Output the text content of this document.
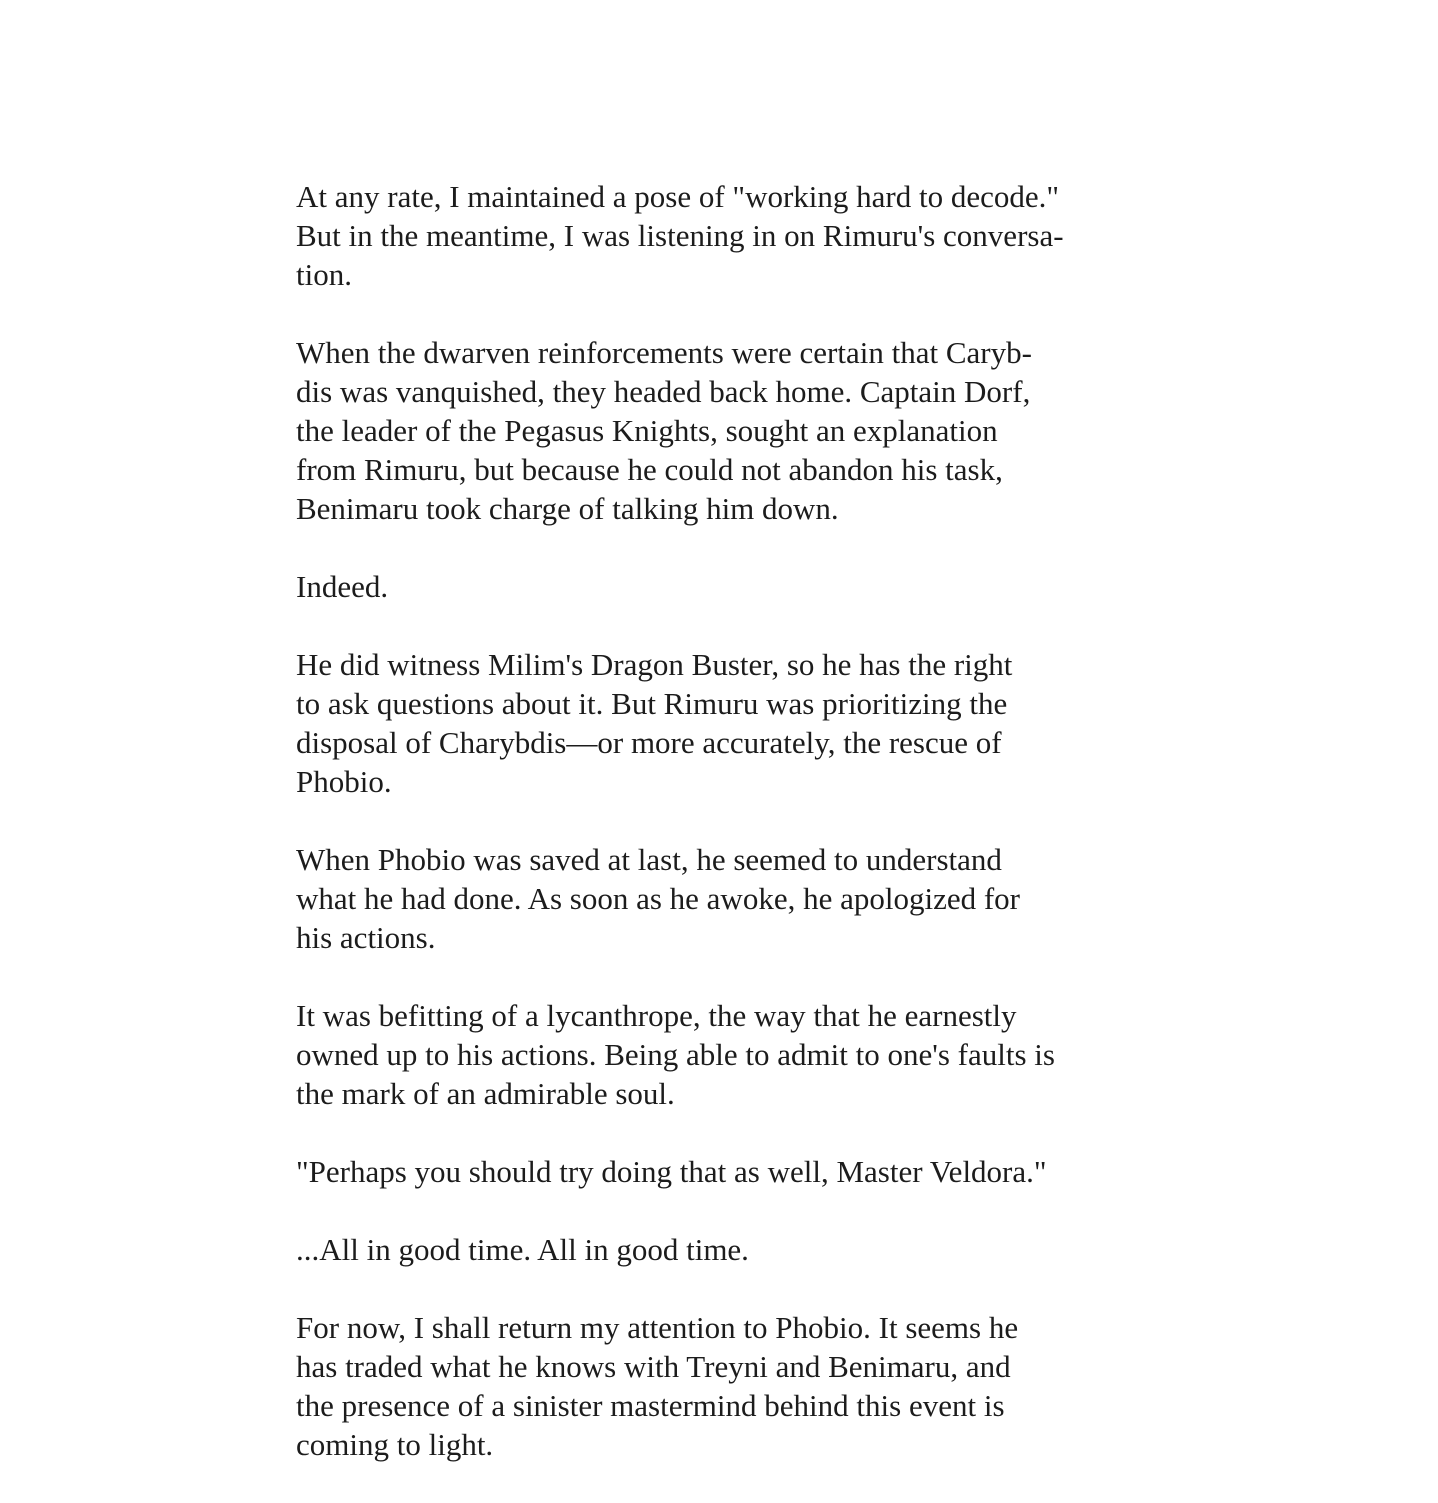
At any rate, I maintained a pose of "working hard to decode."
But in the meantime, I was listening in on Rimuru's conversa-
tion.

When the dwarven reinforcements were certain that Caryb-
dis was vanquished, they headed back home. Captain Dorf,
the leader of the Pegasus Knights, sought an explanation
from Rimuru, but because he could not abandon his task,
Benimaru took charge of talking him down.

Indeed.

He did witness Milim's Dragon Buster, so he has the right
to ask questions about it. But Rimuru was prioritizing the
disposal of Charybdis—or more accurately, the rescue of
Phobio.

When Phobio was saved at last, he seemed to understand
what he had done. As soon as he awoke, he apologized for
his actions.

It was befitting of a lycanthrope, the way that he earnestly
owned up to his actions. Being able to admit to one's faults is
the mark of an admirable soul.

"Perhaps you should try doing that as well, Master Veldora."

...All in good time. All in good time.

For now, I shall return my attention to Phobio. It seems he
has traded what he knows with Treyni and Benimaru, and
the presence of a sinister mastermind behind this event is
coming to light.
